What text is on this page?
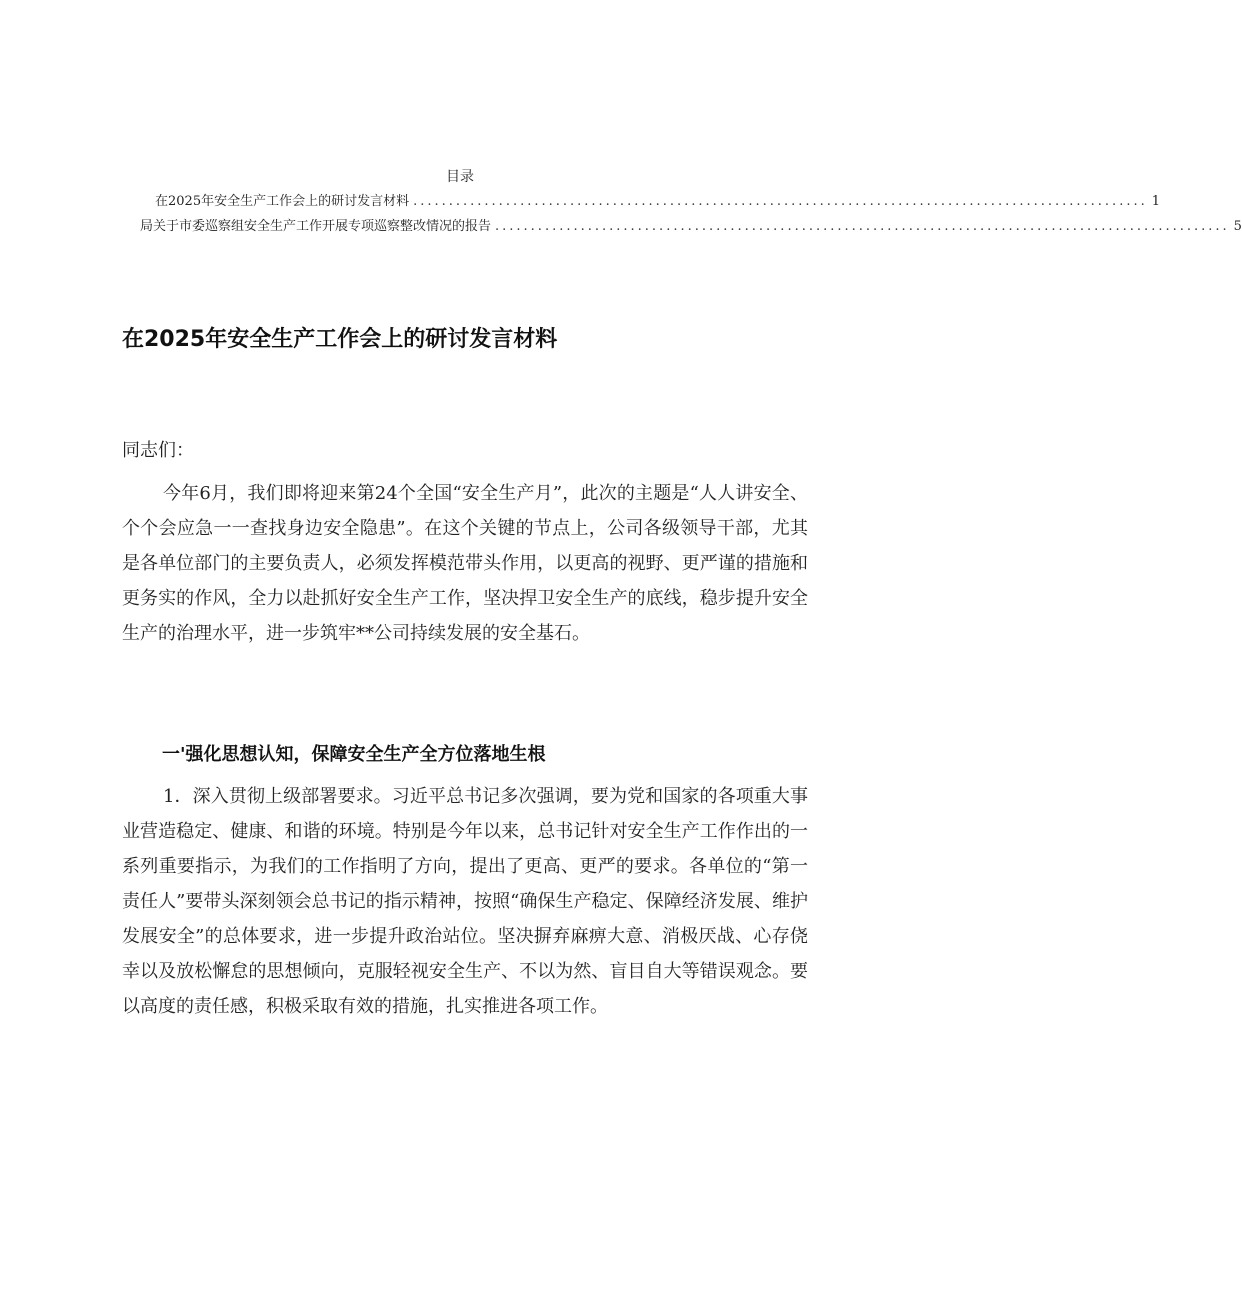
目录
在2025年安全生产工作会上的研讨发言材料 ....................................................................................................... 1
局关于市委巡察组安全生产工作开展专项巡察整改情况的报告 ....................................................................................................... 5
在2025年安全生产工作会上的研讨发言材料
同志们：

今年6月，我们即将迎来第24个全国“安全生产月”，此次的主题是“人人讲安全、个个会应急一一查找身边安全隐患”。在这个关键的节点上，公司各级领导干部，尤其是各单位部门的主要负责人，必须发挥模范带头作用，以更高的视野、更严谨的措施和更务实的作风，全力以赴抓好安全生产工作，坚决捍卫安全生产的底线，稳步提升安全生产的治理水平，进一步筑牢**公司持续发展的安全基石。

一'强化思想认知，保障安全生产全方位落地生根

1．深入贯彻上级部署要求。习近平总书记多次强调，要为党和国家的各项重大事业营造稳定、健康、和谐的环境。特别是今年以来，总书记针对安全生产工作作出的一系列重要指示，为我们的工作指明了方向，提出了更高、更严的要求。各单位的“第一责任人”要带头深刻领会总书记的指示精神，按照“确保生产稳定、保障经济发展、维护发展安全”的总体要求，进一步提升政治站位。坚决摒弃麻痹大意、消极厌战、心存侥幸以及放松懈怠的思想倾向，克服轻视安全生产、不以为然、盲目自大等错误观念。要以高度的责任感，积极采取有效的措施，扎实推进各项工作。
